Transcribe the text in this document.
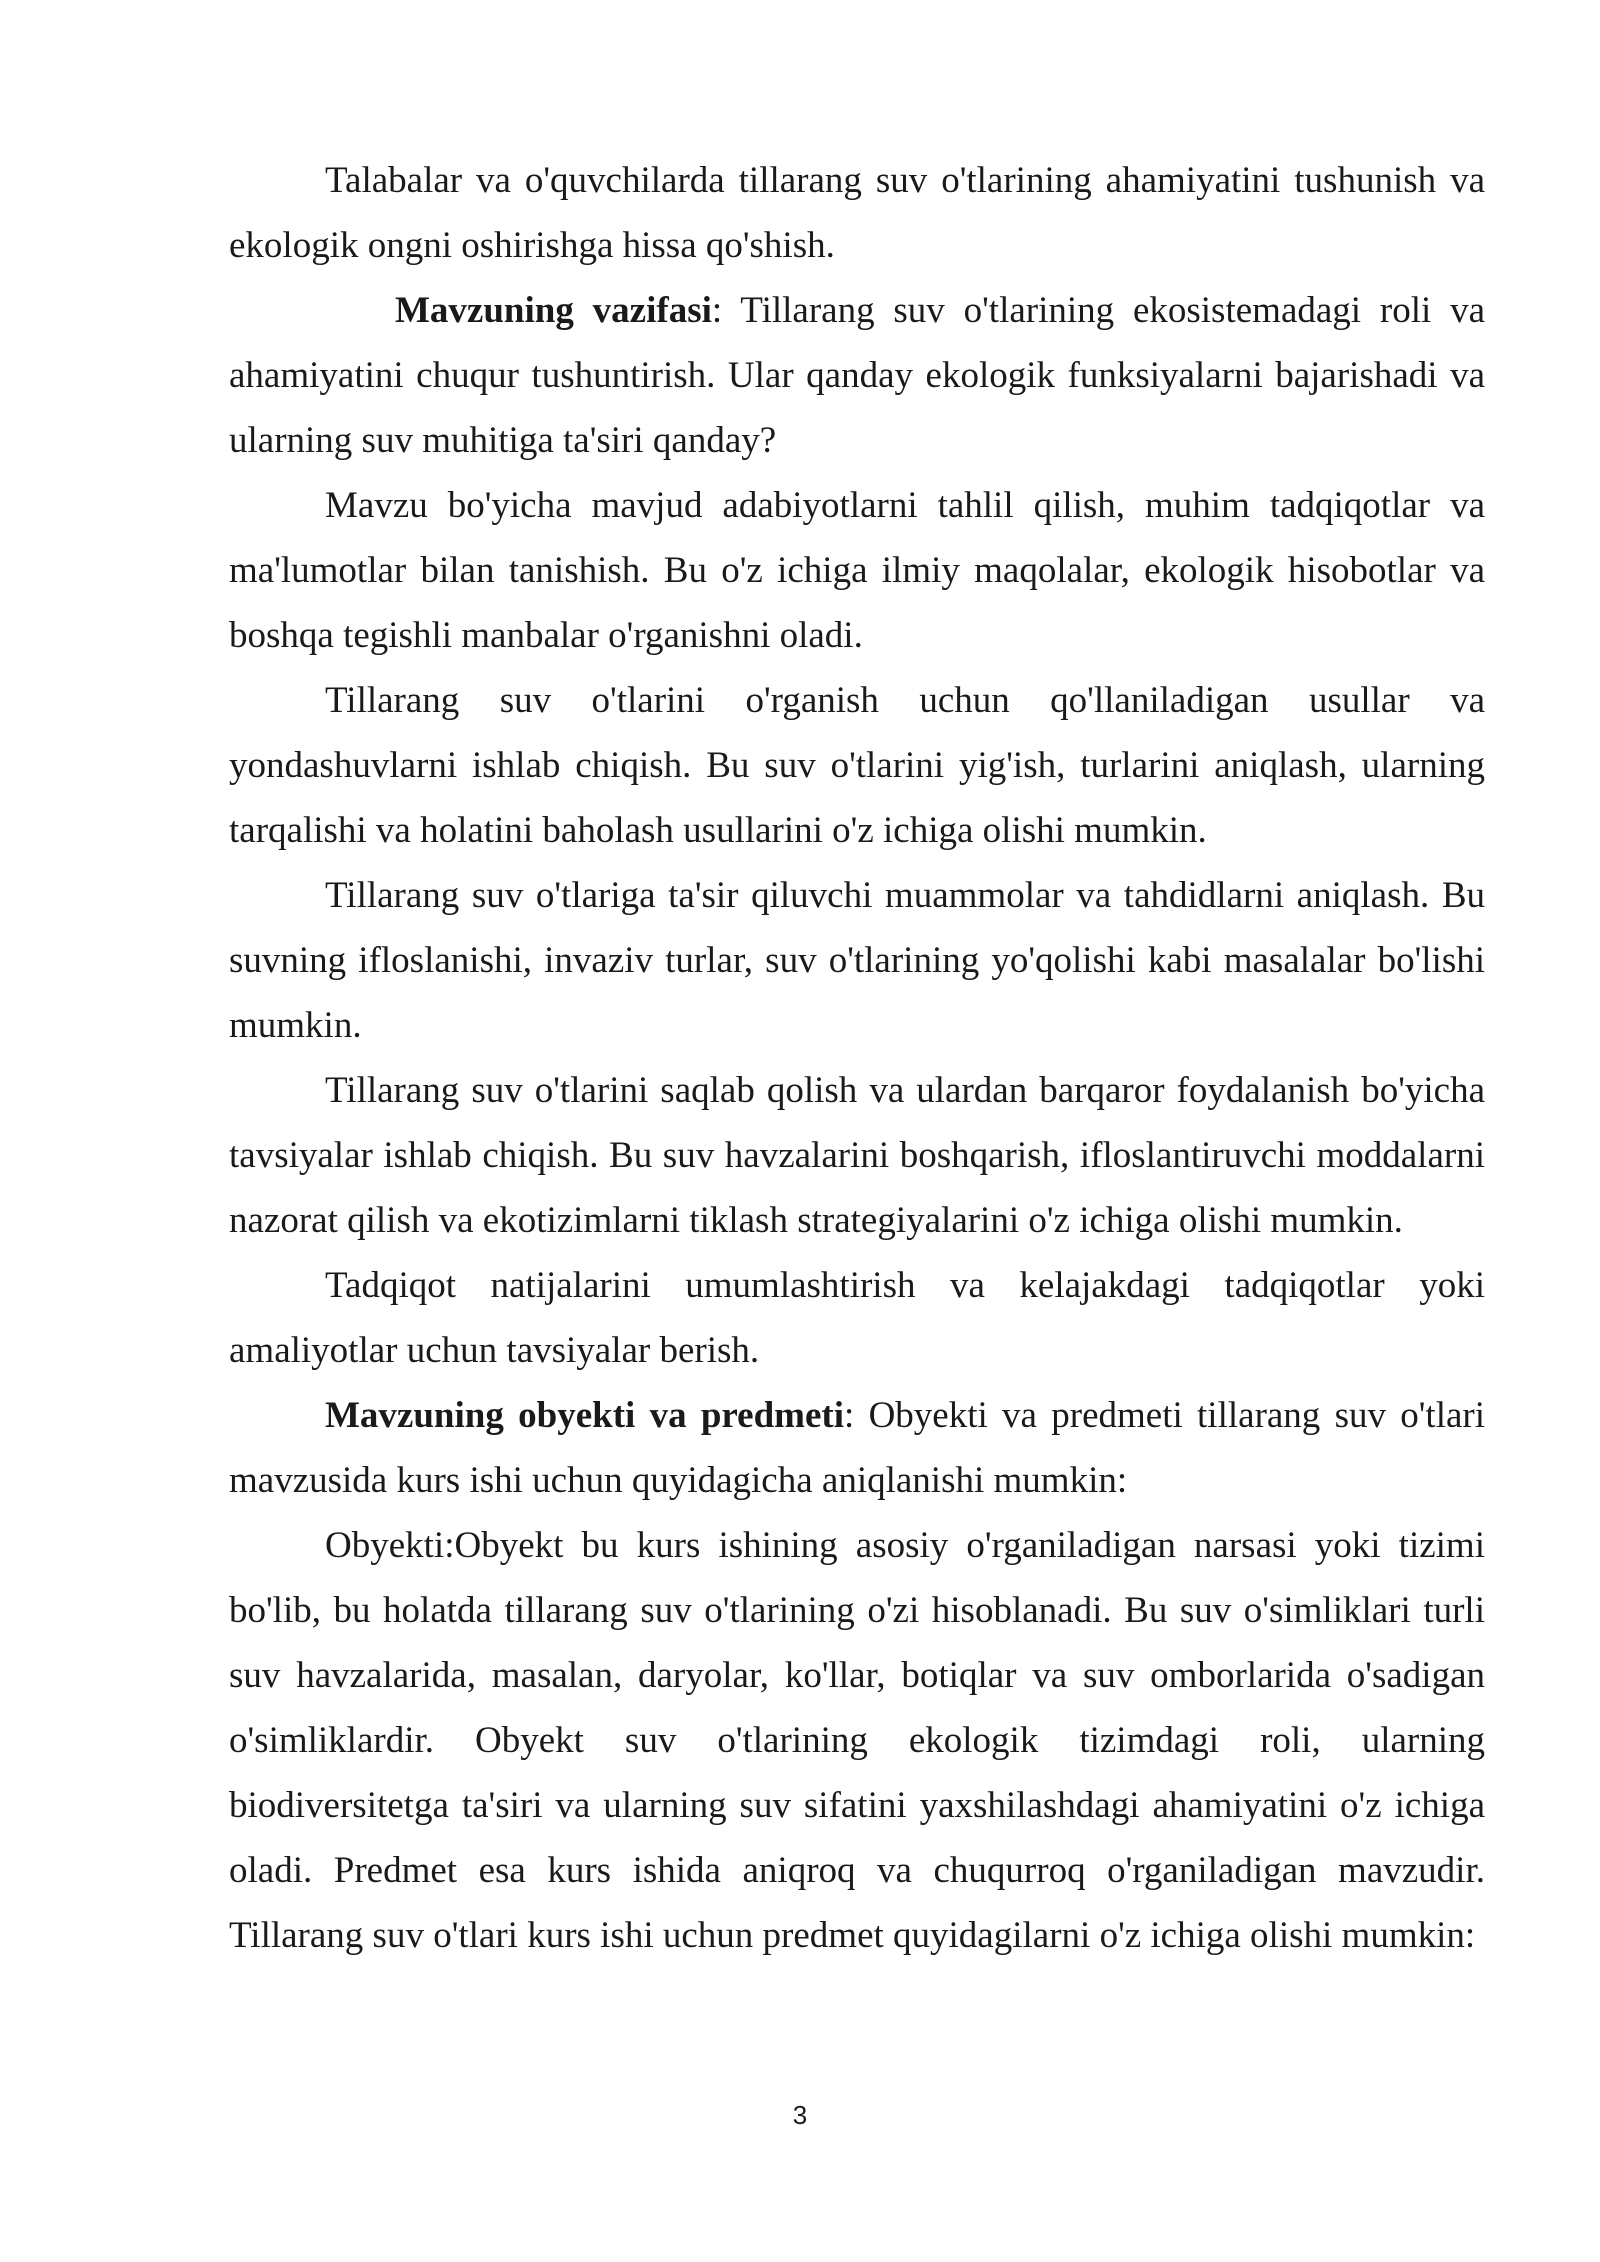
Talabalar va o'quvchilarda tillarang suv o'tlarining ahamiyatini tushunish va ekologik ongni oshirishga hissa qo'shish.

Mavzuning vazifasi: Tillarang suv o'tlarining ekosistemadagi roli va ahamiyatini chuqur tushuntirish. Ular qanday ekologik funksiyalarni bajarishadi va ularning suv muhitiga ta'siri qanday?

Mavzu bo'yicha mavjud adabiyotlarni tahlil qilish, muhim tadqiqotlar va ma'lumotlar bilan tanishish. Bu o'z ichiga ilmiy maqolalar, ekologik hisobotlar va boshqa tegishli manbalar o'rganishni oladi.

Tillarang suv o'tlarini o'rganish uchun qo'llaniladigan usullar va yondashuvlarni ishlab chiqish. Bu suv o'tlarini yig'ish, turlarini aniqlash, ularning tarqalishi va holatini baholash usullarini o'z ichiga olishi mumkin.

Tillarang suv o'tlariga ta'sir qiluvchi muammolar va tahdidlarni aniqlash. Bu suvning ifloslanishi, invaziv turlar, suv o'tlarining yo'qolishi kabi masalalar bo'lishi mumkin.

Tillarang suv o'tlarini saqlab qolish va ulardan barqaror foydalanish bo'yicha tavsiyalar ishlab chiqish. Bu suv havzalarini boshqarish, ifloslantiruvchi moddalarni nazorat qilish va ekotizimlarni tiklash strategiyalarini o'z ichiga olishi mumkin.

Tadqiqot natijalarini umumlashtirish va kelajakdagi tadqiqotlar yoki amaliyotlar uchun tavsiyalar berish.

Mavzuning obyekti va predmeti: Obyekti va predmeti tillarang suv o'tlari mavzusida kurs ishi uchun quyidagicha aniqlanishi mumkin:

Obyekti:Obyekt bu kurs ishining asosiy o'rganiladigan narsasi yoki tizimi bo'lib, bu holatda tillarang suv o'tlarining o'zi hisoblanadi. Bu suv o'simliklari turli suv havzalarida, masalan, daryolar, ko'llar, botiqlar va suv omborlarida o'sadigan o'simliklardir. Obyekt suv o'tlarining ekologik tizimdagi roli, ularning biodiversitetga ta'siri va ularning suv sifatini yaxshilashdagi ahamiyatini o'z ichiga oladi. Predmet esa kurs ishida aniqroq va chuqurroq o'rganiladigan mavzudir. Tillarang suv o'tlari kurs ishi uchun predmet quyidagilarni o'z ichiga olishi mumkin:

3
